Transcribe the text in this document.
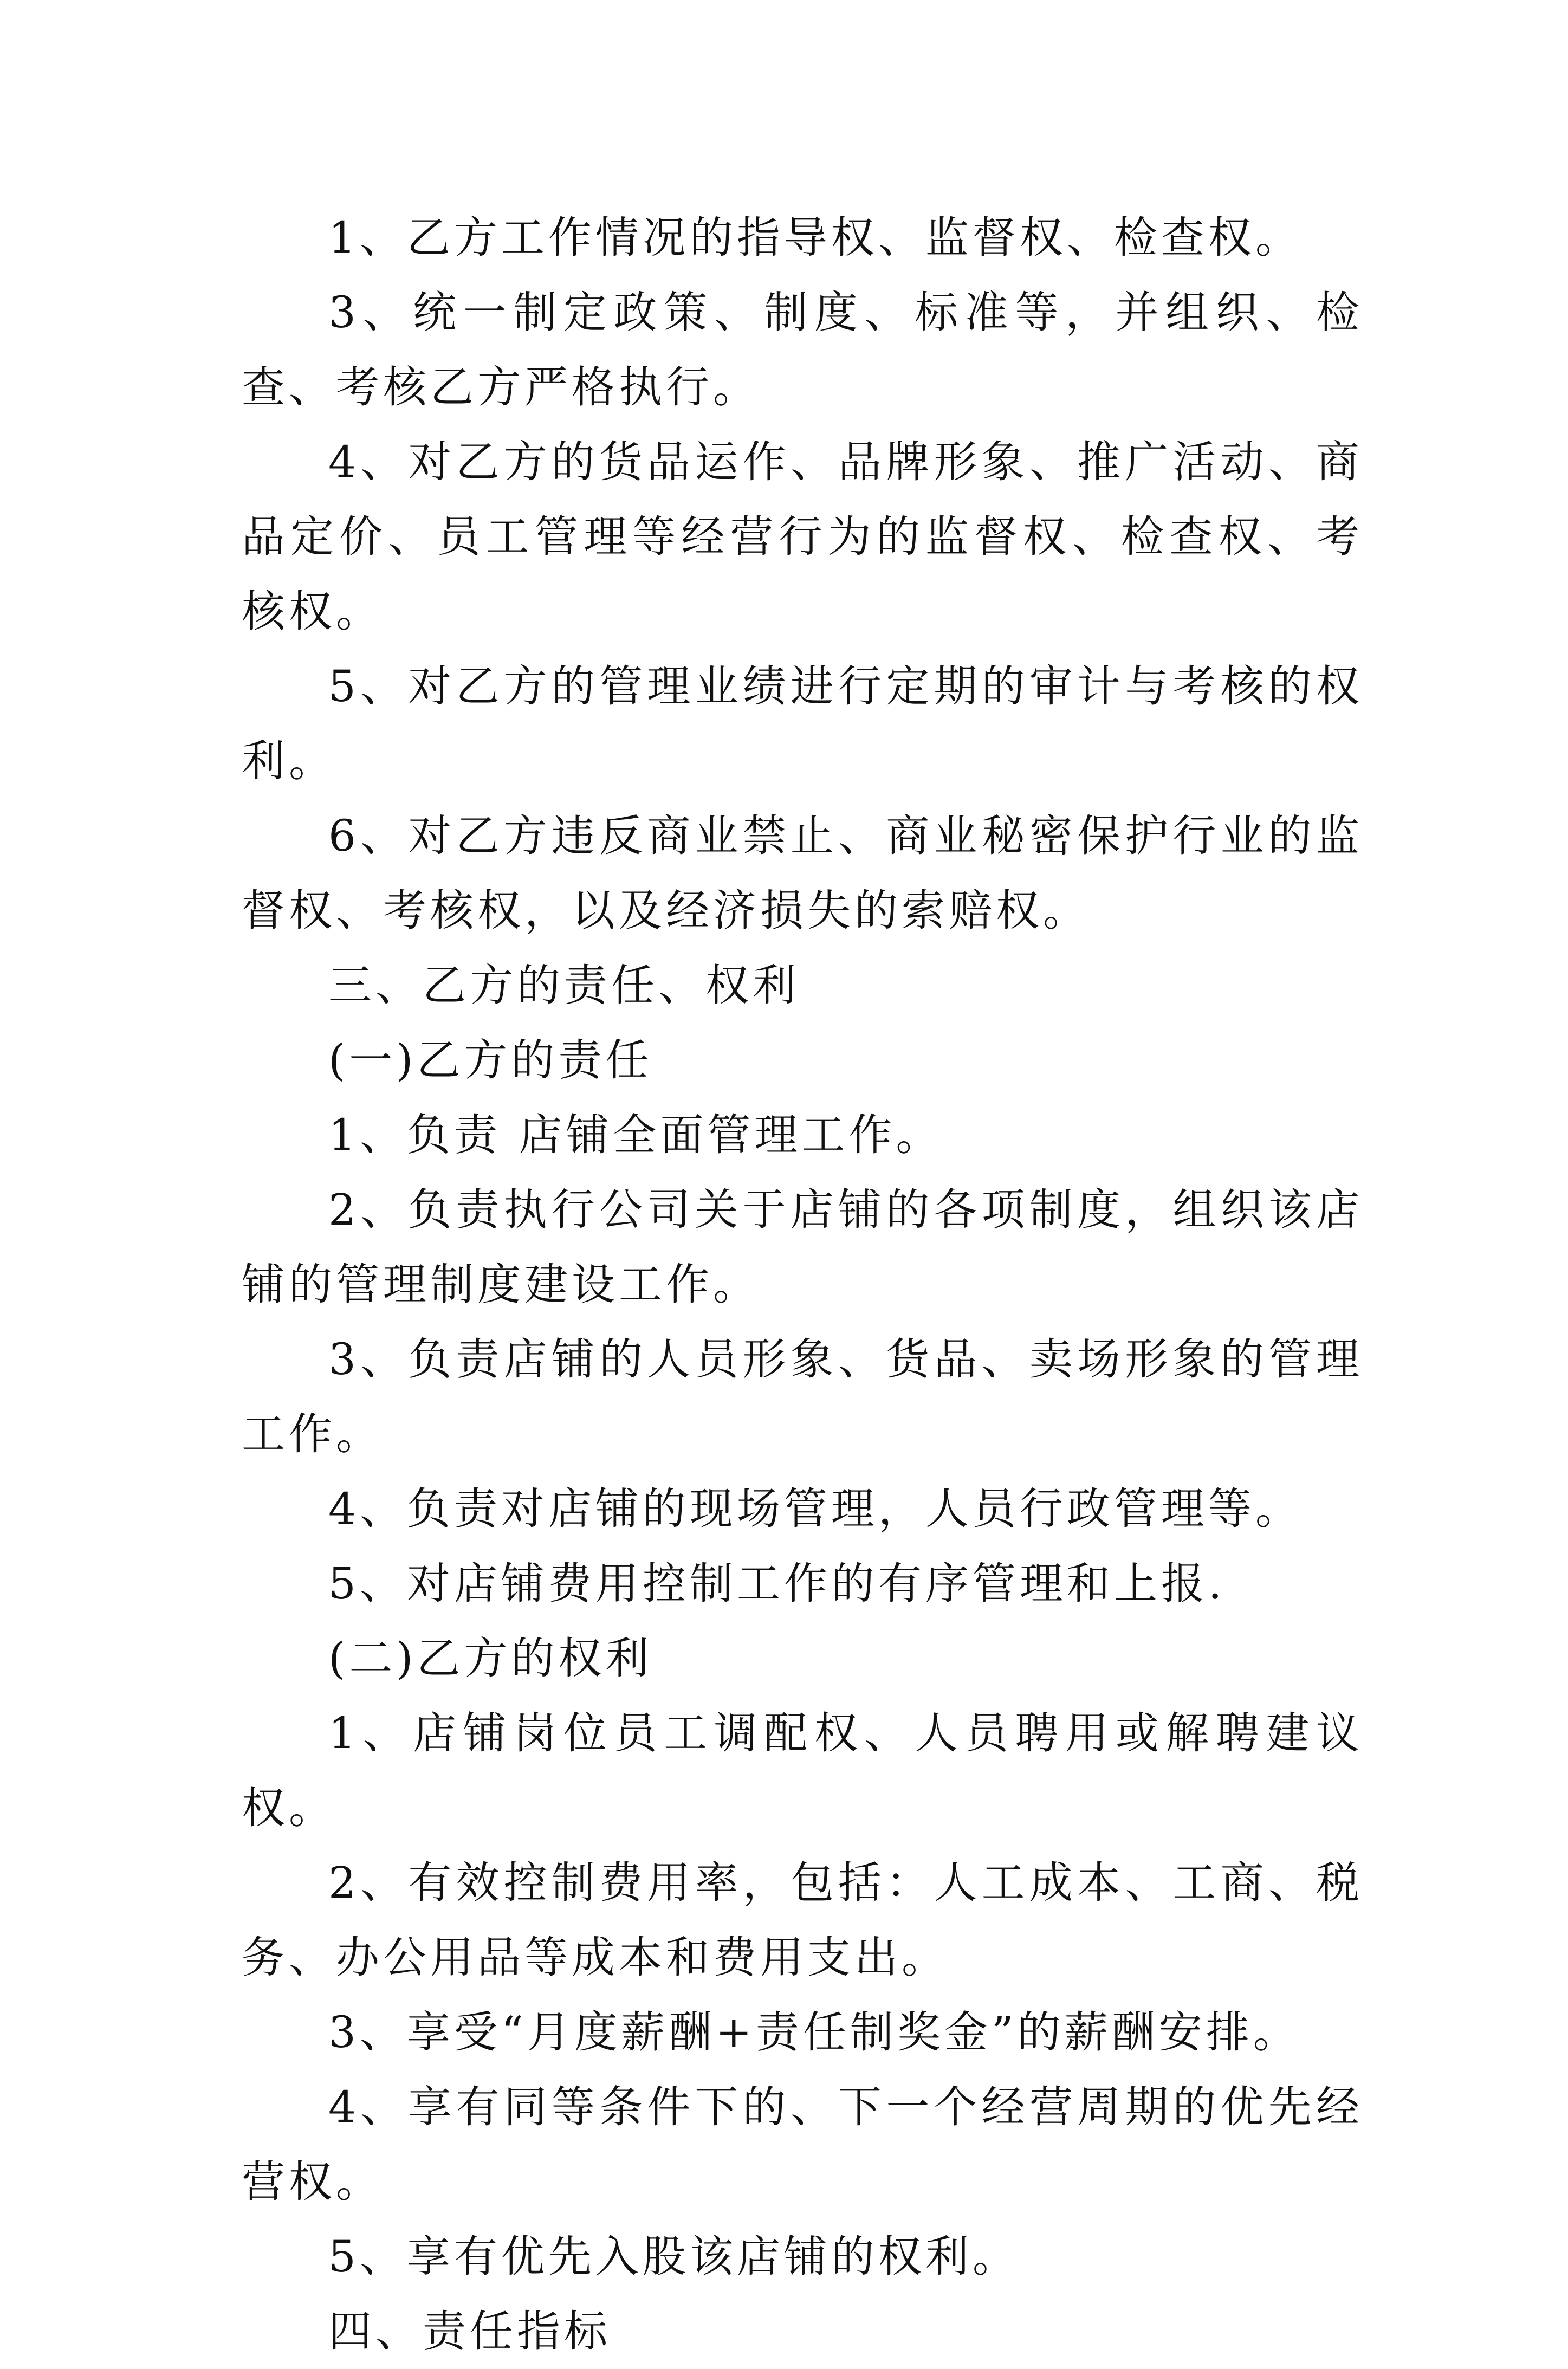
1、乙方工作情况的指导权、监督权、检查权。

3、统一制定政策、制度、标准等，并组织、检查、考核乙方严格执行。

4、对乙方的货品运作、品牌形象、推广活动、商品定价、员工管理等经营行为的监督权、检查权、考核权。

5、对乙方的管理业绩进行定期的审计与考核的权利。

6、对乙方违反商业禁止、商业秘密保护行业的监督权、考核权，以及经济损失的索赔权。

三、乙方的责任、权利

(一)乙方的责任

1、负责 店铺全面管理工作。

2、负责执行公司关于店铺的各项制度，组织该店铺的管理制度建设工作。

3、负责店铺的人员形象、货品、卖场形象的管理工作。

4、负责对店铺的现场管理，人员行政管理等。

5、对店铺费用控制工作的有序管理和上报.

(二)乙方的权利

1、店铺岗位员工调配权、人员聘用或解聘建议权。

2、有效控制费用率，包括：人工成本、工商、税务、办公用品等成本和费用支出。

3、享受“月度薪酬+责任制奖金”的薪酬安排。

4、享有同等条件下的、下一个经营周期的优先经营权。

5、享有优先入股该店铺的权利。

四、责任指标
